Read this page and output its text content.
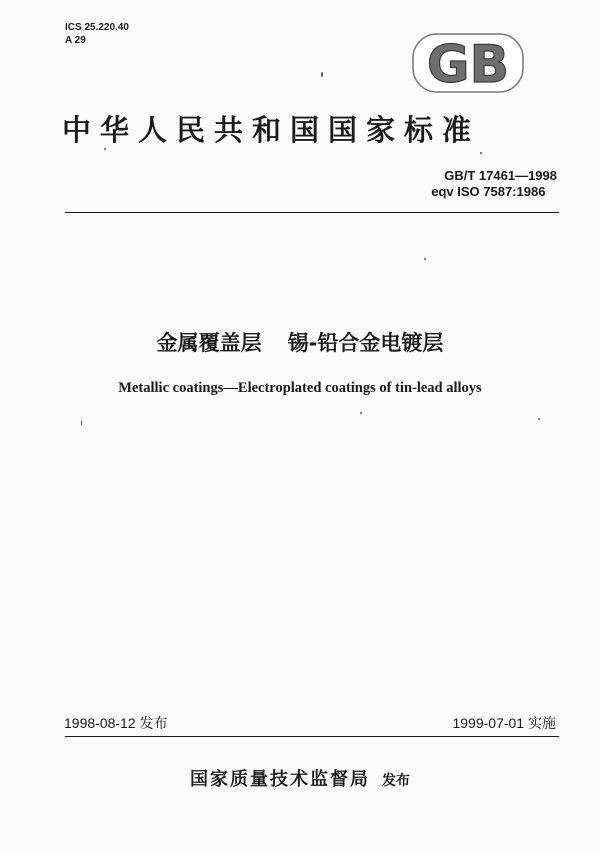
ICS 25.220.40
A 29	GB
中华人民共和国国家标准
GB/T 17461—1998
eqv ISO 7587:1986
金属覆盖层 锡-铅合金电镀层
Metallic coatings—Electroplated coatings of tin-lead alloys
1998-08-12 发布	1999-07-01 实施
国家质量技术监督局 发布
